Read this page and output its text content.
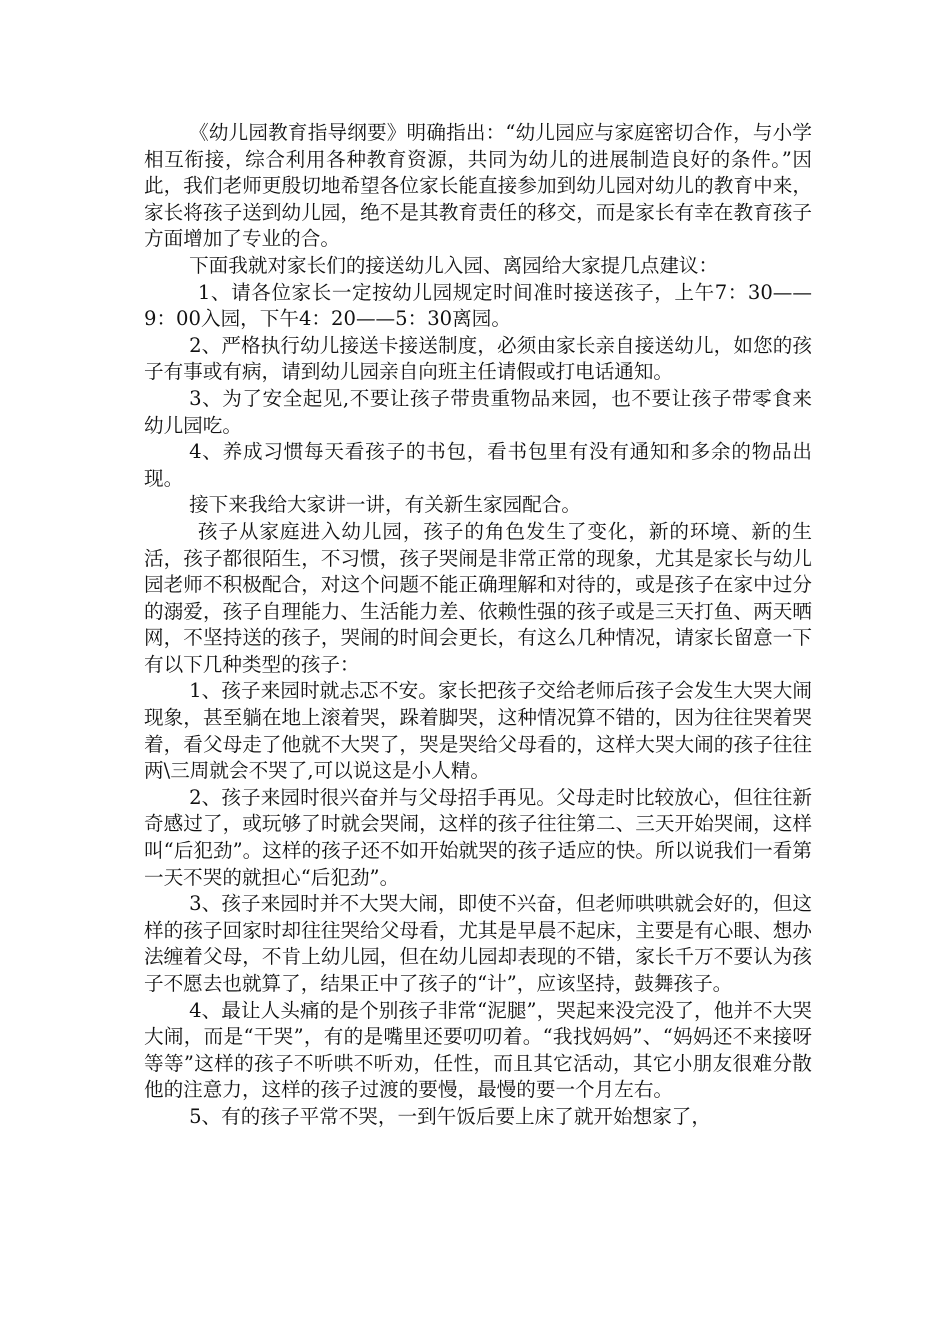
《幼儿园教育指导纲要》明确指出：“幼儿园应与家庭密切合作，与小学相互衔接，综合利用各种教育资源，共同为幼儿的进展制造良好的条件。”因此，我们老师更殷切地希望各位家长能直接参加到幼儿园对幼儿的教育中来，家长将孩子送到幼儿园，绝不是其教育责任的移交，而是家长有幸在教育孩子方面增加了专业的合。

下面我就对家长们的接送幼儿入园、离园给大家提几点建议：

1、请各位家长一定按幼儿园规定时间准时接送孩子，上午7：30——9：00入园，下午4：20——5：30离园。

2、严格执行幼儿接送卡接送制度，必须由家长亲自接送幼儿，如您的孩子有事或有病，请到幼儿园亲自向班主任请假或打电话通知。

3、为了安全起见,不要让孩子带贵重物品来园，也不要让孩子带零食来幼儿园吃。

4、养成习惯每天看孩子的书包，看书包里有没有通知和多余的物品出现。

接下来我给大家讲一讲，有关新生家园配合。

孩子从家庭进入幼儿园，孩子的角色发生了变化，新的环境、新的生活，孩子都很陌生，不习惯，孩子哭闹是非常正常的现象，尤其是家长与幼儿园老师不积极配合，对这个问题不能正确理解和对待的，或是孩子在家中过分的溺爱，孩子自理能力、生活能力差、依赖性强的孩子或是三天打鱼、两天晒网，不坚持送的孩子，哭闹的时间会更长，有这么几种情况，请家长留意一下有以下几种类型的孩子：

1、孩子来园时就忐忑不安。家长把孩子交给老师后孩子会发生大哭大闹现象，甚至躺在地上滚着哭，跺着脚哭，这种情况算不错的，因为往往哭着哭着，看父母走了他就不大哭了，哭是哭给父母看的，这样大哭大闹的孩子往往两\三周就会不哭了,可以说这是小人精。

2、孩子来园时很兴奋并与父母招手再见。父母走时比较放心，但往往新奇感过了，或玩够了时就会哭闹，这样的孩子往往第二、三天开始哭闹，这样叫“后犯劲”。这样的孩子还不如开始就哭的孩子适应的快。所以说我们一看第一天不哭的就担心“后犯劲”。

3、孩子来园时并不大哭大闹，即使不兴奋，但老师哄哄就会好的，但这样的孩子回家时却往往哭给父母看，尤其是早晨不起床，主要是有心眼、想办法缠着父母，不肯上幼儿园，但在幼儿园却表现的不错，家长千万不要认为孩子不愿去也就算了，结果正中了孩子的“计”，应该坚持，鼓舞孩子。

4、最让人头痛的是个别孩子非常“泥腿”，哭起来没完没了，他并不大哭大闹，而是“干哭”，有的是嘴里还要叨叨着。“我找妈妈”、“妈妈还不来接呀等等”这样的孩子不听哄不听劝，任性，而且其它活动，其它小朋友很难分散他的注意力，这样的孩子过渡的要慢，最慢的要一个月左右。

5、有的孩子平常不哭，一到午饭后要上床了就开始想家了，
